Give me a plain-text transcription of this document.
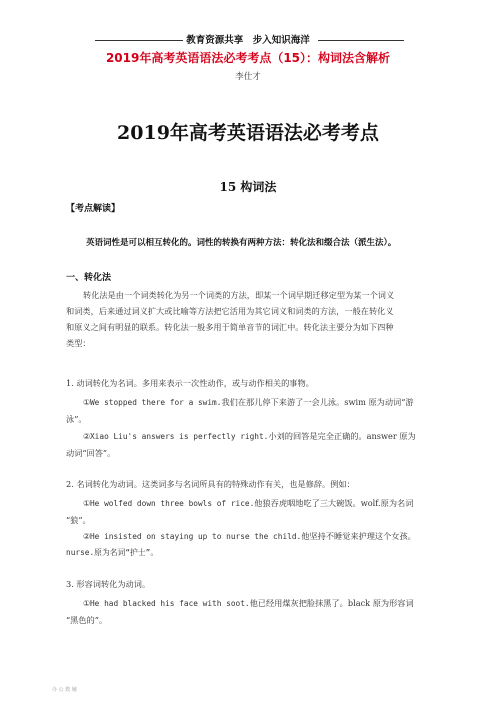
教育资源共享　步入知识海洋
2019年高考英语语法必考考点（15）：构词法含解析
李仕才
2019年高考英语语法必考考点
15 构词法
【考点解读】
英语词性是可以相互转化的。词性的转换有两种方法：转化法和缀合法（派生法）。
一、转化法
转化法是由一个词类转化为另一个词类的方法，即某一个词早期迁移定型为某一个词义
和词类，后来通过词义扩大或比喻等方法把它活用为其它词义和词类的方法，一般在转化义
和原义之间有明显的联系。转化法一般多用于简单音节的词汇中。转化法主要分为如下四种
类型：
1. 动词转化为名词。多用来表示一次性动作，或与动作相关的事物。
①We stopped there for a swim.我们在那儿停下来游了一会儿泳。swim 原为动词“游
泳”。
②Xiao Liu's answers is perfectly right.小刘的回答是完全正确的。answer 原为
动词“回答”。
2. 名词转化为动词。这类词多与名词所具有的特殊动作有关，也是修辞。例如：
①He wolfed down three bowls of rice.他狼吞虎咽地吃了三大碗饭。wolf.原为名词
“狼”。
②He insisted on staying up to nurse the child.他坚持不睡觉来护理这个女孩。
nurse.原为名词“护士”。
3. 形容词转化为动词。
①He had blacked his face with soot.他已经用煤灰把脸抹黑了。black 原为形容词
“黑色的”。
办 公 教 辅
